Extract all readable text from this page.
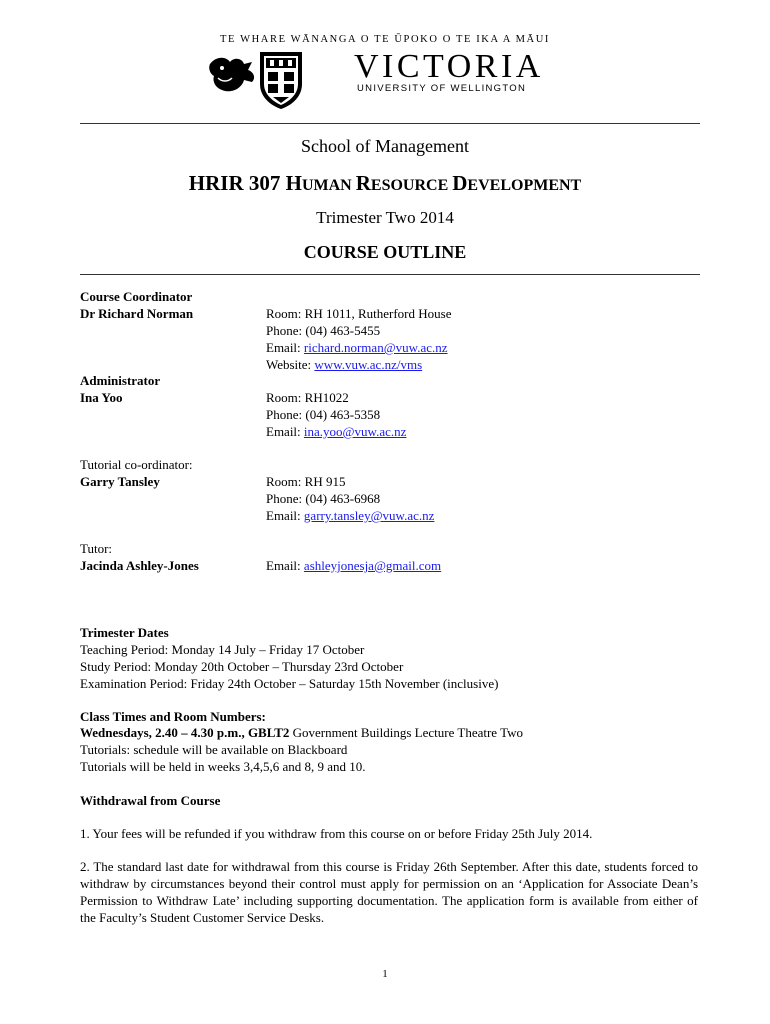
TE WHARE WĀNANGA O TE ŪPOKO O TE IKA A MĀUI
VICTORIA
UNIVERSITY OF WELLINGTON
School of Management
HRIR 307 HUMAN RESOURCE DEVELOPMENT
Trimester Two 2014
COURSE OUTLINE
Course Coordinator
Dr Richard Norman	Room: RH 1011, Rutherford House
Phone: (04) 463-5455
Email: richard.norman@vuw.ac.nz
Website: www.vuw.ac.nz/vms
Administrator
Ina Yoo	Room: RH1022
Phone: (04) 463-5358
Email: ina.yoo@vuw.ac.nz
Tutorial co-ordinator:
Garry Tansley	Room: RH 915
Phone: (04) 463-6968
Email: garry.tansley@vuw.ac.nz
Tutor:
Jacinda Ashley-Jones	Email: ashleyjonesja@gmail.com
Trimester Dates
Teaching Period: Monday 14 July – Friday 17 October
Study Period: Monday 20th October – Thursday 23rd October
Examination Period: Friday 24th October – Saturday 15th November (inclusive)
Class Times and Room Numbers:
Wednesdays, 2.40 – 4.30 p.m., GBLT2 Government Buildings Lecture Theatre Two
Tutorials: schedule will be available on Blackboard
Tutorials will be held in weeks 3,4,5,6 and 8, 9 and 10.
Withdrawal from Course
1. Your fees will be refunded if you withdraw from this course on or before Friday 25th July 2014.
2. The standard last date for withdrawal from this course is Friday 26th September. After this date, students forced to withdraw by circumstances beyond their control must apply for permission on an ‘Application for Associate Dean’s Permission to Withdraw Late’ including supporting documentation. The application form is available from either of the Faculty’s Student Customer Service Desks.
1
